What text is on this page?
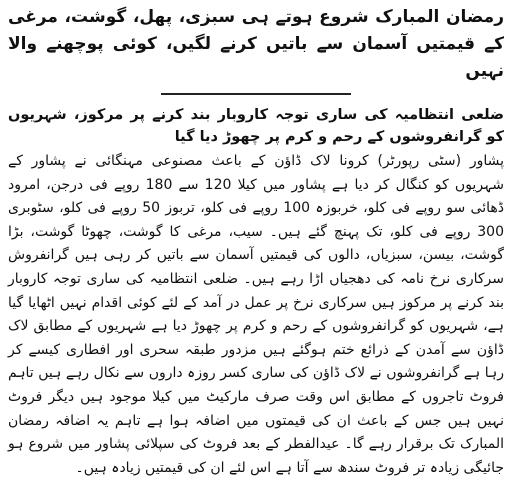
رمضان المبارک شروع ہوتے ہی سبزی، پھل، گوشت، مرغی کے قیمتیں آسمان سے باتیں کرنے لگیں، کوئی پوچھنے والا نہیں

ضلعی انتظامیہ کی ساری توجہ کاروبار بند کرنے پر مرکوز، شہریوں کو گرانفروشوں کے رحم و کرم پر چھوڑ دیا گیا

پشاور (سٹی رپورٹر) کرونا لاک ڈاؤن کے باعث مصنوعی مہنگائی نے پشاور کے شہریوں کو کنگال کر دیا ہے پشاور میں کیلا 120 سے 180 روپے فی درجن، امرود ڈھائی سو روپے فی کلو، خربوزہ 100 روپے فی کلو، تربوز 50 روپے فی کلو، سٹوبری 300 روپے فی کلو، تک پہنچ گئے ہیں۔ سیب، مرغی کا گوشت، چھوٹا گوشت، بڑا گوشت، بیسن، سبزیاں، دالوں کی قیمتیں آسمان سے باتیں کر رہی ہیں گرانفروش سرکاری نرخ نامہ کی دھجیاں اڑا رہے ہیں۔ ضلعی انتظامیہ کی ساری توجہ کاروبار بند کرنے پر مرکوز ہیں سرکاری نرخ پر عمل در آمد کے لئے کوئی اقدام نہیں اٹھایا گیا ہے، شہریوں کو گرانفروشوں کے رحم و کرم پر چھوڑ دیا ہے شہریوں کے مطابق لاک ڈاؤن سے آمدن کے ذرائع ختم ہوگئے ہیں مزدور طبقہ سحری اور افطاری کیسے کر رہا ہے گرانفروشوں نے لاک ڈاؤن کی ساری کسر روزہ داروں سے نکال رہے ہیں تاہم فروٹ تاجروں کے مطابق اس وقت صرف مارکیٹ میں کیلا موجود ہیں دیگر فروٹ نہیں ہیں جس کے باعث ان کی قیمتوں میں اضافہ ہوا ہے تاہم یہ اضافہ رمضان المبارک تک برقرار رہے گا۔ عیدالفطر کے بعد فروٹ کی سپلائی پشاور میں شروع ہو جائیگی زیادہ تر فروٹ سندھ سے آتا ہے اس لئے ان کی قیمتیں زیادہ ہیں۔
